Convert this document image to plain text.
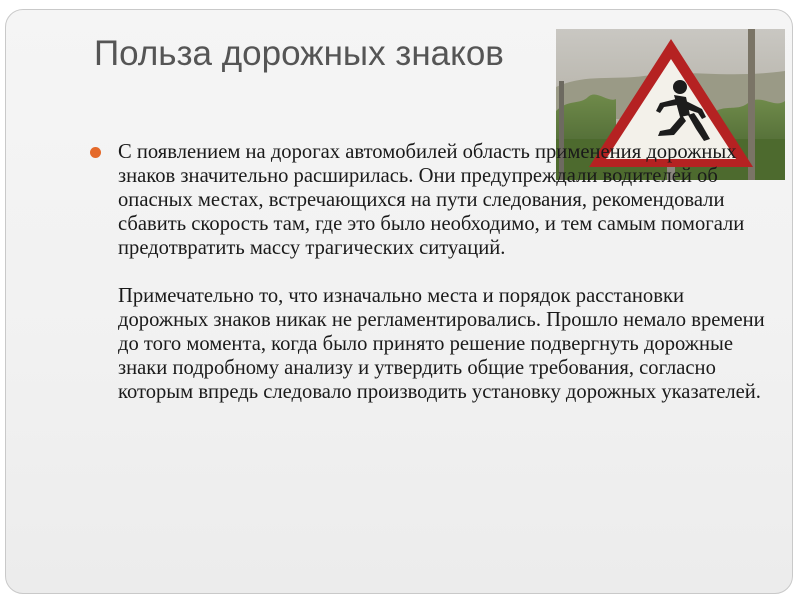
Польза дорожных знаков

С появлением на дорогах автомобилей область применения дорожных знаков значительно расширилась. Они предупреждали водителей об опасных местах, встречающихся на пути следования, рекомендовали сбавить скорость там, где это было необходимо, и тем самым помогали предотвратить массу трагических ситуаций.

Примечательно то, что изначально места и порядок расстановки дорожных знаков никак не регламентировались. Прошло немало времени до того момента, когда было принято решение подвергнуть дорожные знаки подробному анализу и утвердить общие требования, согласно которым впредь следовало производить установку дорожных указателей.
